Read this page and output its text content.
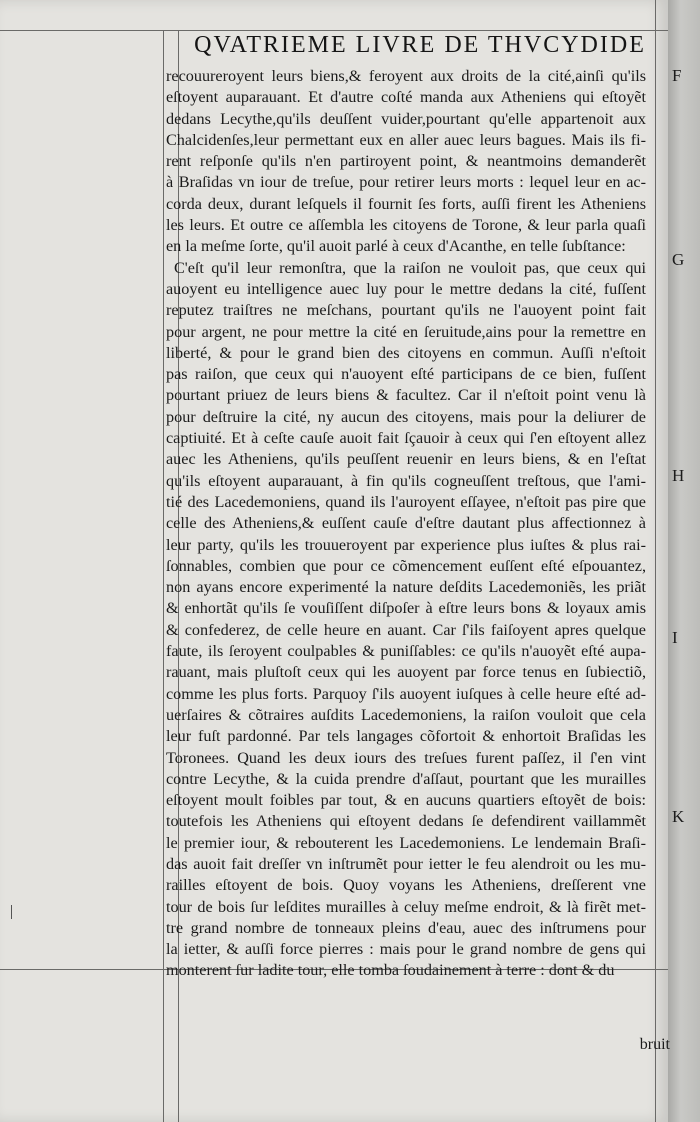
QVATRIEME LIVRE DE THVCYDIDE
recouureroyent leurs biens,& feroyent aux droits de la cité,ainſi qu'ils
eſtoyent auparauant. Et d'autre coſté manda aux Atheniens qui eſtoyẽt
dedans Lecythe,qu'ils deuſſent vuider,pourtant qu'elle appartenoit aux
Chalcidenſes,leur permettant eux en aller auec leurs bagues. Mais ils fi-
rent reſponſe qu'ils n'en partiroyent point, & neantmoins demanderẽt
à Braſidas vn iour de treſue, pour retirer leurs morts : lequel leur en ac-
corda deux, durant leſquels il fournit ſes forts, auſſi firent les Atheniens
les leurs. Et outre ce aſſembla les citoyens de Torone, & leur parla quaſi
en la meſme ſorte, qu'il auoit parlé à ceux d'Acanthe, en telle ſubſtance:
C'eſt qu'il leur remonſtra, que la raiſon ne vouloit pas, que ceux qui
auoyent eu intelligence auec luy pour le mettre dedans la cité, fuſſent
reputez traiſtres ne meſchans, pourtant qu'ils ne l'auoyent point fait
pour argent, ne pour mettre la cité en ſeruitude,ains pour la remettre en
liberté, & pour le grand bien des citoyens en commun. Auſſi n'eſtoit
pas raiſon, que ceux qui n'auoyent eſté participans de ce bien, fuſſent
pourtant priuez de leurs biens & facultez. Car il n'eſtoit point venu là
pour deſtruire la cité, ny aucun des citoyens, mais pour la deliurer de
captiuité. Et à ceſte cauſe auoit fait ſçauoir à ceux qui ſ'en eſtoyent allez
auec les Atheniens, qu'ils peuſſent reuenir en leurs biens, & en l'eſtat
qu'ils eſtoyent auparauant, à fin qu'ils cogneuſſent treſtous, que l'ami-
tié des Lacedemoniens, quand ils l'auroyent eſſayee, n'eſtoit pas pire que
celle des Atheniens,& euſſent cauſe d'eſtre dautant plus affectionnez à
leur party, qu'ils les trouueroyent par experience plus iuſtes & plus rai-
ſonnables, combien que pour ce cõmencement euſſent eſté eſpouantez,
non ayans encore experimenté la nature deſdits Lacedemoniẽs, les priãt
& enhortãt qu'ils ſe vouſiſſent diſpoſer à eſtre leurs bons & loyaux amis
& confederez, de celle heure en auant. Car ſ'ils faiſoyent apres quelque
faute, ils ſeroyent coulpables & puniſſables: ce qu'ils n'auoyẽt eſté aupa-
rauant, mais pluſtoſt ceux qui les auoyent par force tenus en ſubiectiõ,
comme les plus forts. Parquoy ſ'ils auoyent iuſques à celle heure eſté ad-
uerſaires & cõtraires auſdits Lacedemoniens, la raiſon vouloit que cela
leur fuſt pardonné. Par tels langages cõfortoit & enhortoit Braſidas les
Toronees. Quand les deux iours des treſues furent paſſez, il ſ'en vint
contre Lecythe, & la cuida prendre d'aſſaut, pourtant que les murailles
eſtoyent moult foibles par tout, & en aucuns quartiers eſtoyẽt de bois:
toutefois les Atheniens qui eſtoyent dedans ſe defendirent vaillammẽt
le premier iour, & rebouterent les Lacedemoniens. Le lendemain Braſi-
das auoit fait dreſſer vn inſtrumẽt pour ietter le feu alendroit ou les mu-
railles eſtoyent de bois. Quoy voyans les Atheniens, dreſſerent vne
tour de bois ſur leſdites murailles à celuy meſme endroit, & là firẽt met-
tre grand nombre de tonneaux pleins d'eau, auec des inſtrumens pour
la ietter, & auſſi force pierres : mais pour le grand nombre de gens qui
monterent ſur ladite tour, elle tomba ſoudainement à terre : dont & du
F
G
H
I
K
bruit
